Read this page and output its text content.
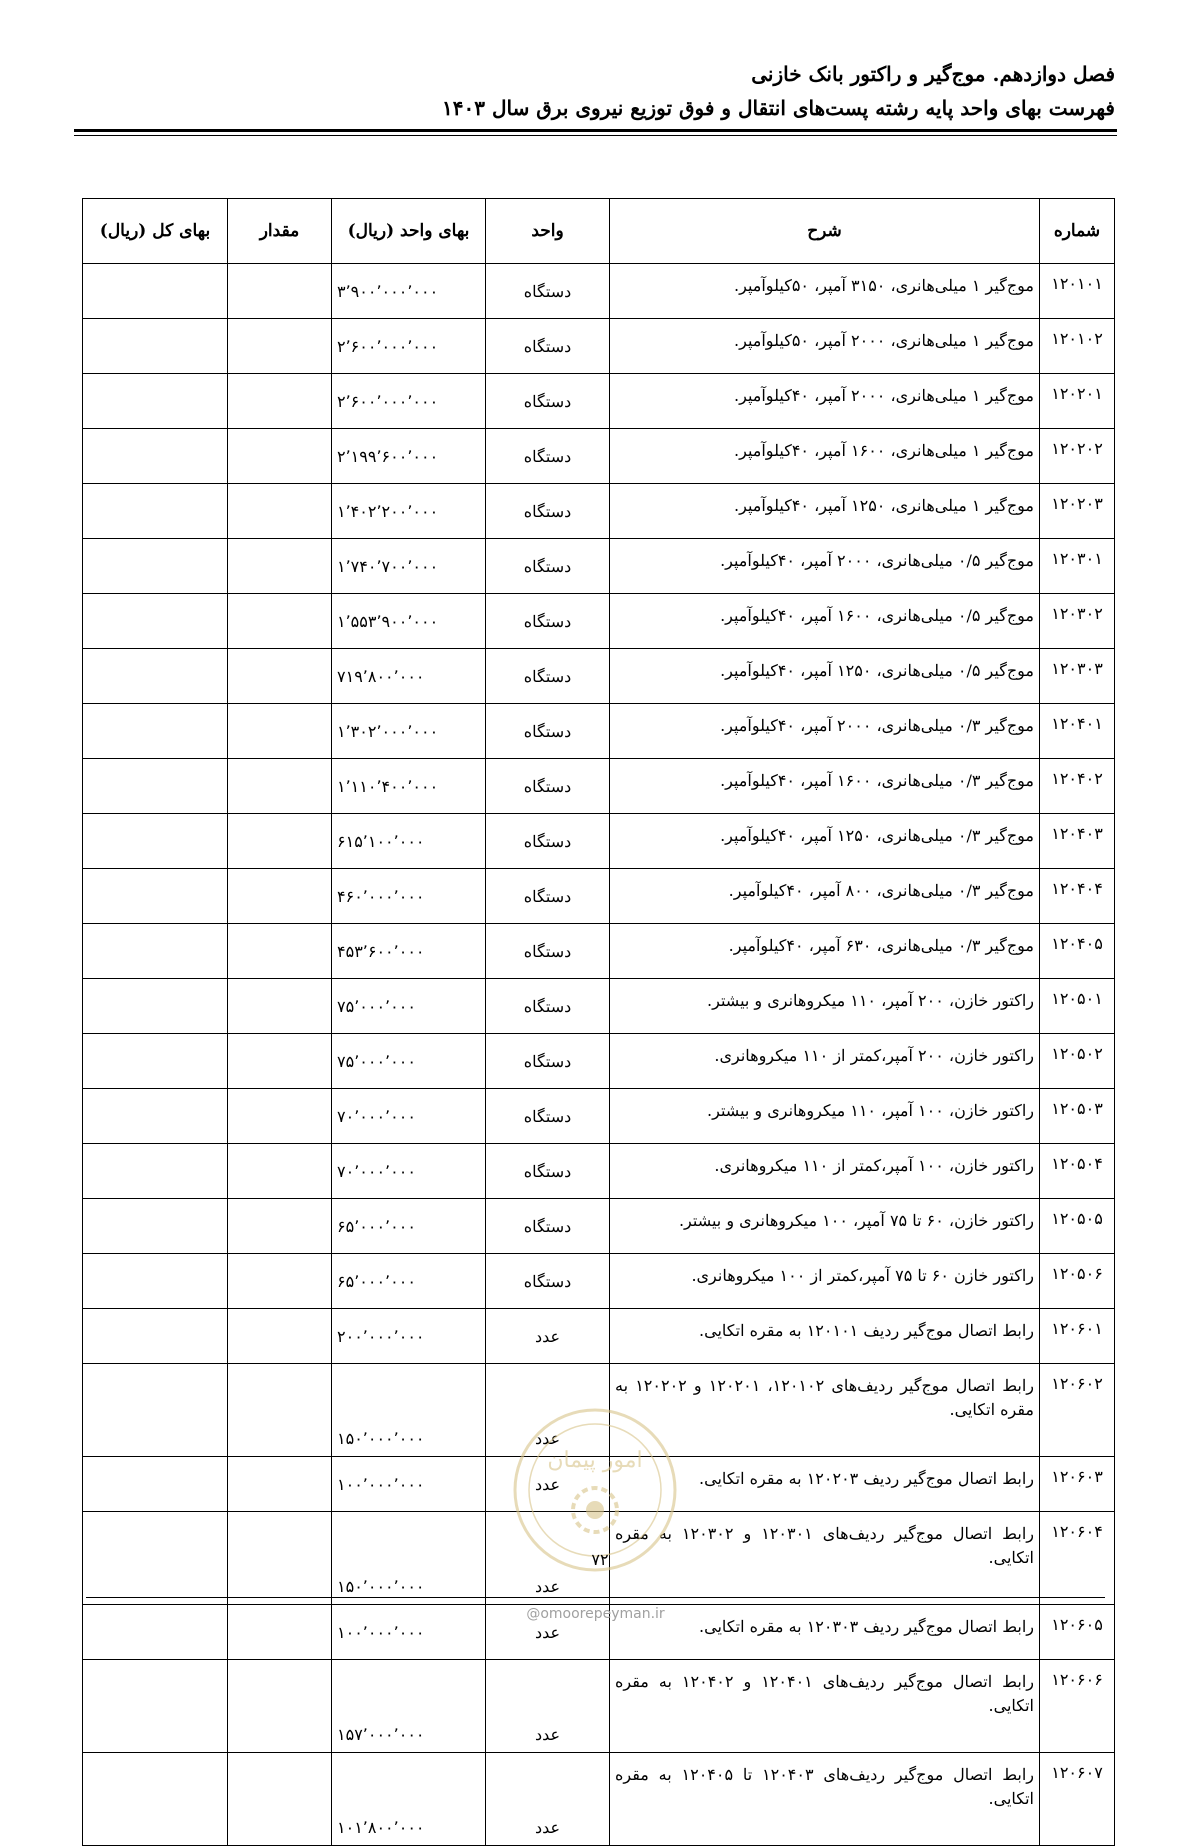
فصل دوازدهم. موج‌گیر و راکتور بانک خازنی
فهرست بهای واحد پایه رشته پست‌های انتقال و فوق توزیع نیروی برق سال ۱۴۰۳
شماره	شرح	واحد	بهای واحد (ریال)	مقدار	بهای کل (ریال)
۱۲۰۱۰۱	موج‌گیر ۱ میلی‌هانری، ۳۱۵۰ آمپر، ۵۰کیلوآمپر.	دستگاه	۳٬۹۰۰٬۰۰۰٬۰۰۰		
۱۲۰۱۰۲	موج‌گیر ۱ میلی‌هانری، ۲۰۰۰ آمپر، ۵۰کیلوآمپر.	دستگاه	۲٬۶۰۰٬۰۰۰٬۰۰۰		
۱۲۰۲۰۱	موج‌گیر ۱ میلی‌هانری، ۲۰۰۰ آمپر، ۴۰کیلوآمپر.	دستگاه	۲٬۶۰۰٬۰۰۰٬۰۰۰		
۱۲۰۲۰۲	موج‌گیر ۱ میلی‌هانری، ۱۶۰۰ آمپر، ۴۰کیلوآمپر.	دستگاه	۲٬۱۹۹٬۶۰۰٬۰۰۰		
۱۲۰۲۰۳	موج‌گیر ۱ میلی‌هانری، ۱۲۵۰ آمپر، ۴۰کیلوآمپر.	دستگاه	۱٬۴۰۲٬۲۰۰٬۰۰۰		
۱۲۰۳۰۱	موج‌گیر ۰/۵ میلی‌هانری، ۲۰۰۰ آمپر، ۴۰کیلوآمپر.	دستگاه	۱٬۷۴۰٬۷۰۰٬۰۰۰		
۱۲۰۳۰۲	موج‌گیر ۰/۵ میلی‌هانری، ۱۶۰۰ آمپر، ۴۰کیلوآمپر.	دستگاه	۱٬۵۵۳٬۹۰۰٬۰۰۰		
۱۲۰۳۰۳	موج‌گیر ۰/۵ میلی‌هانری، ۱۲۵۰ آمپر، ۴۰کیلوآمپر.	دستگاه	۷۱۹٬۸۰۰٬۰۰۰		
۱۲۰۴۰۱	موج‌گیر ۰/۳ میلی‌هانری، ۲۰۰۰ آمپر، ۴۰کیلوآمپر.	دستگاه	۱٬۳۰۲٬۰۰۰٬۰۰۰		
۱۲۰۴۰۲	موج‌گیر ۰/۳ میلی‌هانری، ۱۶۰۰ آمپر، ۴۰کیلوآمپر.	دستگاه	۱٬۱۱۰٬۴۰۰٬۰۰۰		
۱۲۰۴۰۳	موج‌گیر ۰/۳ میلی‌هانری، ۱۲۵۰ آمپر، ۴۰کیلوآمپر.	دستگاه	۶۱۵٬۱۰۰٬۰۰۰		
۱۲۰۴۰۴	موج‌گیر ۰/۳ میلی‌هانری، ۸۰۰ آمپر، ۴۰کیلوآمپر.	دستگاه	۴۶۰٬۰۰۰٬۰۰۰		
۱۲۰۴۰۵	موج‌گیر ۰/۳ میلی‌هانری، ۶۳۰ آمپر، ۴۰کیلوآمپر.	دستگاه	۴۵۳٬۶۰۰٬۰۰۰		
۱۲۰۵۰۱	راکتور خازن، ۲۰۰ آمپر، ۱۱۰ میکروهانری و بیشتر.	دستگاه	۷۵٬۰۰۰٬۰۰۰		
۱۲۰۵۰۲	راکتور خازن، ۲۰۰ آمپر،کمتر از ۱۱۰ میکروهانری.	دستگاه	۷۵٬۰۰۰٬۰۰۰		
۱۲۰۵۰۳	راکتور خازن، ۱۰۰ آمپر، ۱۱۰ میکروهانری و بیشتر.	دستگاه	۷۰٬۰۰۰٬۰۰۰		
۱۲۰۵۰۴	راکتور خازن، ۱۰۰ آمپر،کمتر از ۱۱۰ میکروهانری.	دستگاه	۷۰٬۰۰۰٬۰۰۰		
۱۲۰۵۰۵	راکتور خازن، ۶۰ تا ۷۵ آمپر، ۱۰۰ میکروهانری و بیشتر.	دستگاه	۶۵٬۰۰۰٬۰۰۰		
۱۲۰۵۰۶	راکتور خازن ۶۰ تا ۷۵ آمپر،کمتر از ۱۰۰ میکروهانری.	دستگاه	۶۵٬۰۰۰٬۰۰۰		
۱۲۰۶۰۱	رابط اتصال موج‌گیر ردیف ۱۲۰۱۰۱ به مقره اتکایی.	عدد	۲۰۰٬۰۰۰٬۰۰۰		
۱۲۰۶۰۲	رابط اتصال موج‌گیر ردیف‌های ۱۲۰۱۰۲، ۱۲۰۲۰۱ و ۱۲۰۲۰۲ به مقره اتکایی.	عدد	۱۵۰٬۰۰۰٬۰۰۰		
۱۲۰۶۰۳	رابط اتصال موج‌گیر ردیف ۱۲۰۲۰۳ به مقره اتکایی.	عدد	۱۰۰٬۰۰۰٬۰۰۰		
۱۲۰۶۰۴	رابط اتصال موج‌گیر ردیف‌های ۱۲۰۳۰۱ و ۱۲۰۳۰۲ به مقره اتکایی.	عدد	۱۵۰٬۰۰۰٬۰۰۰		
۱۲۰۶۰۵	رابط اتصال موج‌گیر ردیف ۱۲۰۳۰۳ به مقره اتکایی.	عدد	۱۰۰٬۰۰۰٬۰۰۰		
۱۲۰۶۰۶	رابط اتصال موج‌گیر ردیف‌های ۱۲۰۴۰۱ و ۱۲۰۴۰۲ به مقره اتکایی.	عدد	۱۵۷٬۰۰۰٬۰۰۰		
۱۲۰۶۰۷	رابط اتصال موج‌گیر ردیف‌های ۱۲۰۴۰۳ تا ۱۲۰۴۰۵ به مقره اتکایی.	عدد	۱۰۱٬۸۰۰٬۰۰۰		
امور پیمان
۷۲
@omoorepeyman.ir
